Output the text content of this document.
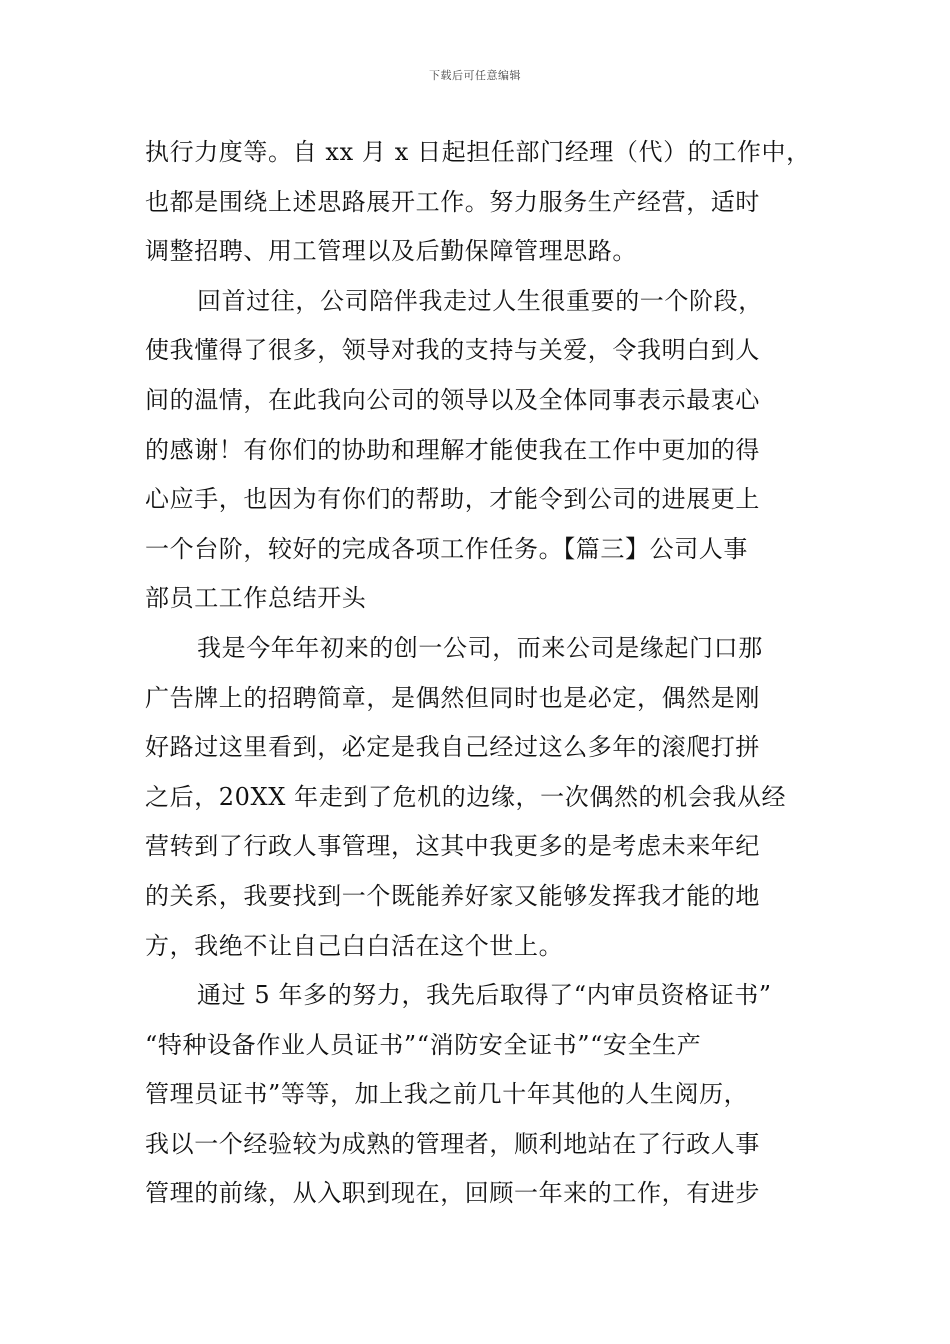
下载后可任意编辑
执行力度等。自 xx 月 x 日起担任部门经理（代）的工作中，
也都是围绕上述思路展开工作。努力服务生产经营，适时
调整招聘、用工管理以及后勤保障管理思路。
回首过往，公司陪伴我走过人生很重要的一个阶段，
使我懂得了很多，领导对我的支持与关爱，令我明白到人
间的温情，在此我向公司的领导以及全体同事表示最衷心
的感谢！有你们的协助和理解才能使我在工作中更加的得
心应手，也因为有你们的帮助，才能令到公司的进展更上
一个台阶，较好的完成各项工作任务。【篇三】公司人事
部员工工作总结开头
我是今年年初来的创一公司，而来公司是缘起门口那
广告牌上的招聘简章，是偶然但同时也是必定，偶然是刚
好路过这里看到，必定是我自己经过这么多年的滚爬打拼
之后，20XX 年走到了危机的边缘，一次偶然的机会我从经
营转到了行政人事管理，这其中我更多的是考虑未来年纪
的关系，我要找到一个既能养好家又能够发挥我才能的地
方，我绝不让自己白白活在这个世上。
通过 5 年多的努力，我先后取得了“内审员资格证书”
“特种设备作业人员证书”“消防安全证书”“安全生产
管理员证书”等等，加上我之前几十年其他的人生阅历，
我以一个经验较为成熟的管理者，顺利地站在了行政人事
管理的前缘，从入职到现在，回顾一年来的工作，有进步
